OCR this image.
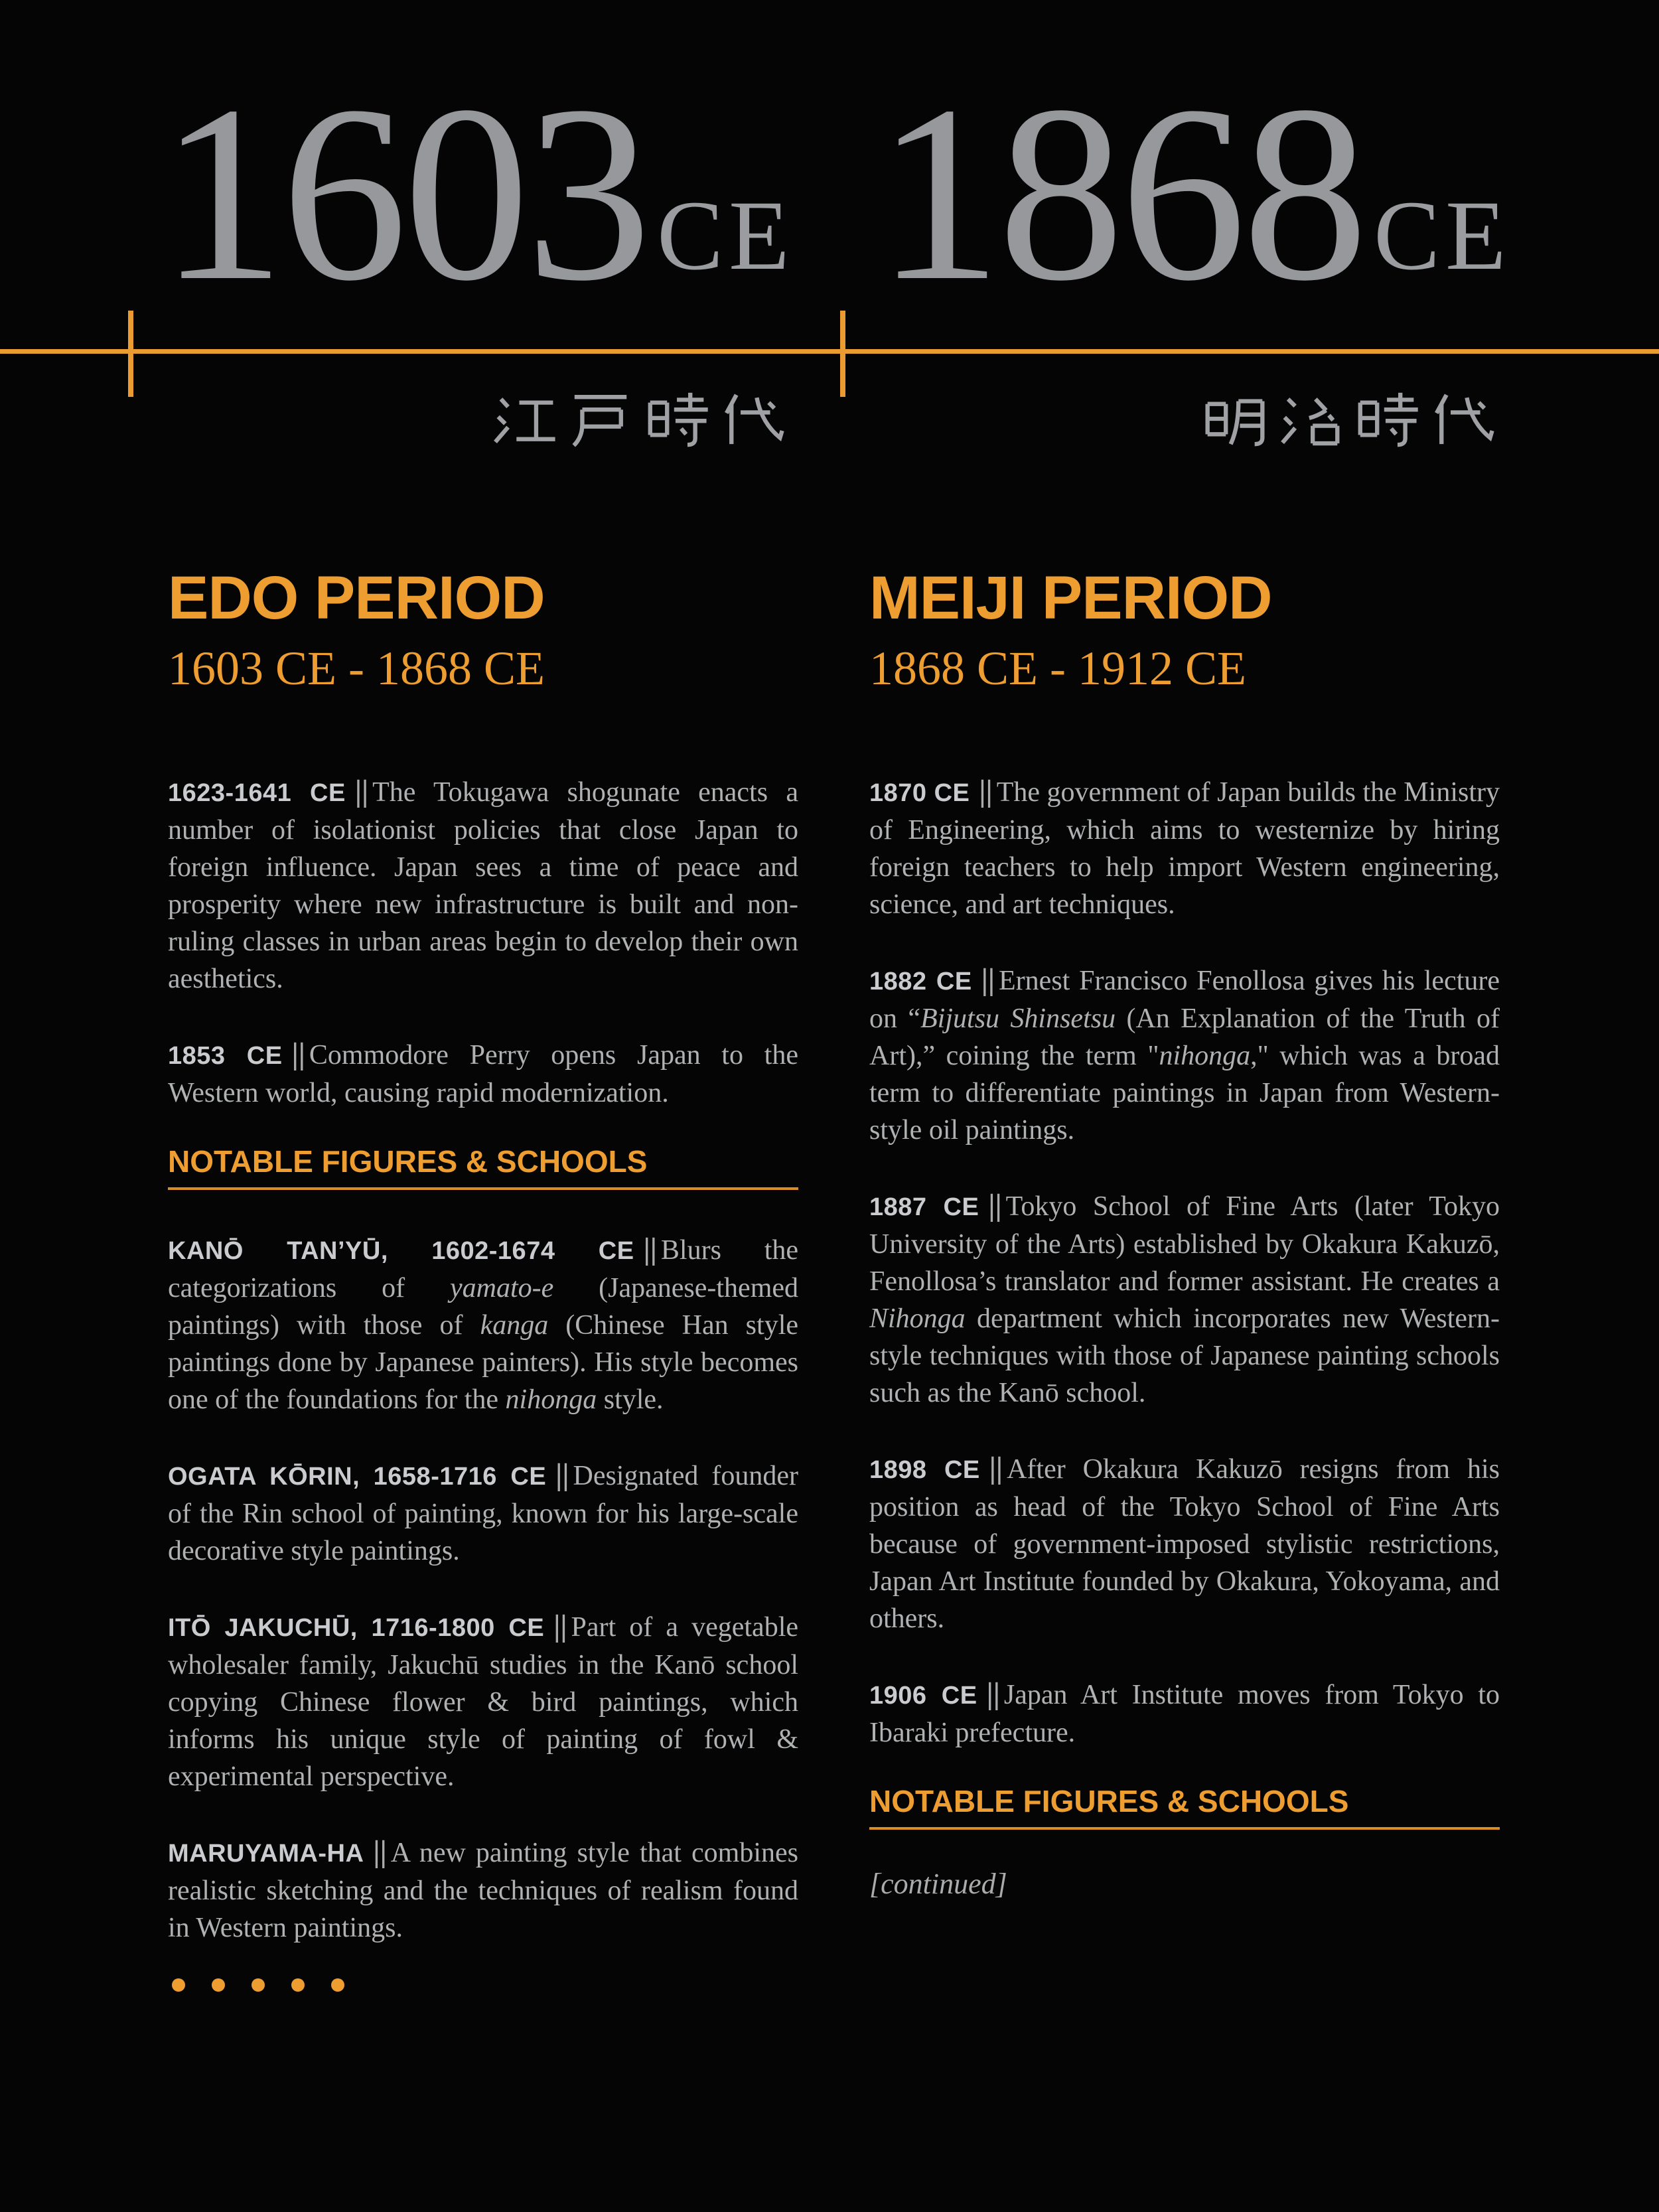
1603 CE 1868 CE
EDO PERIOD

1603 CE - 1868 CE

1623-1641 CE || The Tokugawa shogunate enacts a number of isolationist policies that close Japan to foreign influence. Japan sees a time of peace and prosperity where new infrastructure is built and non-ruling classes in urban areas begin to develop their own aesthetics.

1853 CE || Commodore Perry opens Japan to the Western world, causing rapid modernization.

NOTABLE FIGURES & SCHOOLS

KANŌ TAN’YŪ, 1602-1674 CE || Blurs the categorizations of yamato-e (Japanese-themed paintings) with those of kanga (Chinese Han style paintings done by Japanese painters). His style becomes one of the foundations for the nihonga style.

OGATA KŌRIN, 1658-1716 CE || Designated founder of the Rin school of painting, known for his large-scale decorative style paintings.

ITŌ JAKUCHŪ, 1716-1800 CE || Part of a vegetable wholesaler family, Jakuchū studies in the Kanō school copying Chinese flower & bird paintings, which informs his unique style of painting of fowl & experimental perspective.

MARUYAMA-HA || A new painting style that combines realistic sketching and the techniques of realism found in Western paintings.

MEIJI PERIOD

1868 CE - 1912 CE

1870 CE || The government of Japan builds the Ministry of Engineering, which aims to westernize by hiring foreign teachers to help import Western engineering, science, and art techniques.

1882 CE || Ernest Francisco Fenollosa gives his lecture on “Bijutsu Shinsetsu (An Explanation of the Truth of Art),” coining the term "nihonga," which was a broad term to differentiate paintings in Japan from Western-style oil paintings.

1887 CE || Tokyo School of Fine Arts (later Tokyo University of the Arts) established by Okakura Kakuzō, Fenollosa’s translator and former assistant. He creates a Nihonga department which incorporates new Western-style techniques with those of Japanese painting schools such as the Kanō school.

1898 CE || After Okakura Kakuzō resigns from his position as head of the Tokyo School of Fine Arts because of government-imposed stylistic restrictions, Japan Art Institute founded by Okakura, Yokoyama, and others.

1906 CE || Japan Art Institute moves from Tokyo to Ibaraki prefecture.

NOTABLE FIGURES & SCHOOLS

[continued]
